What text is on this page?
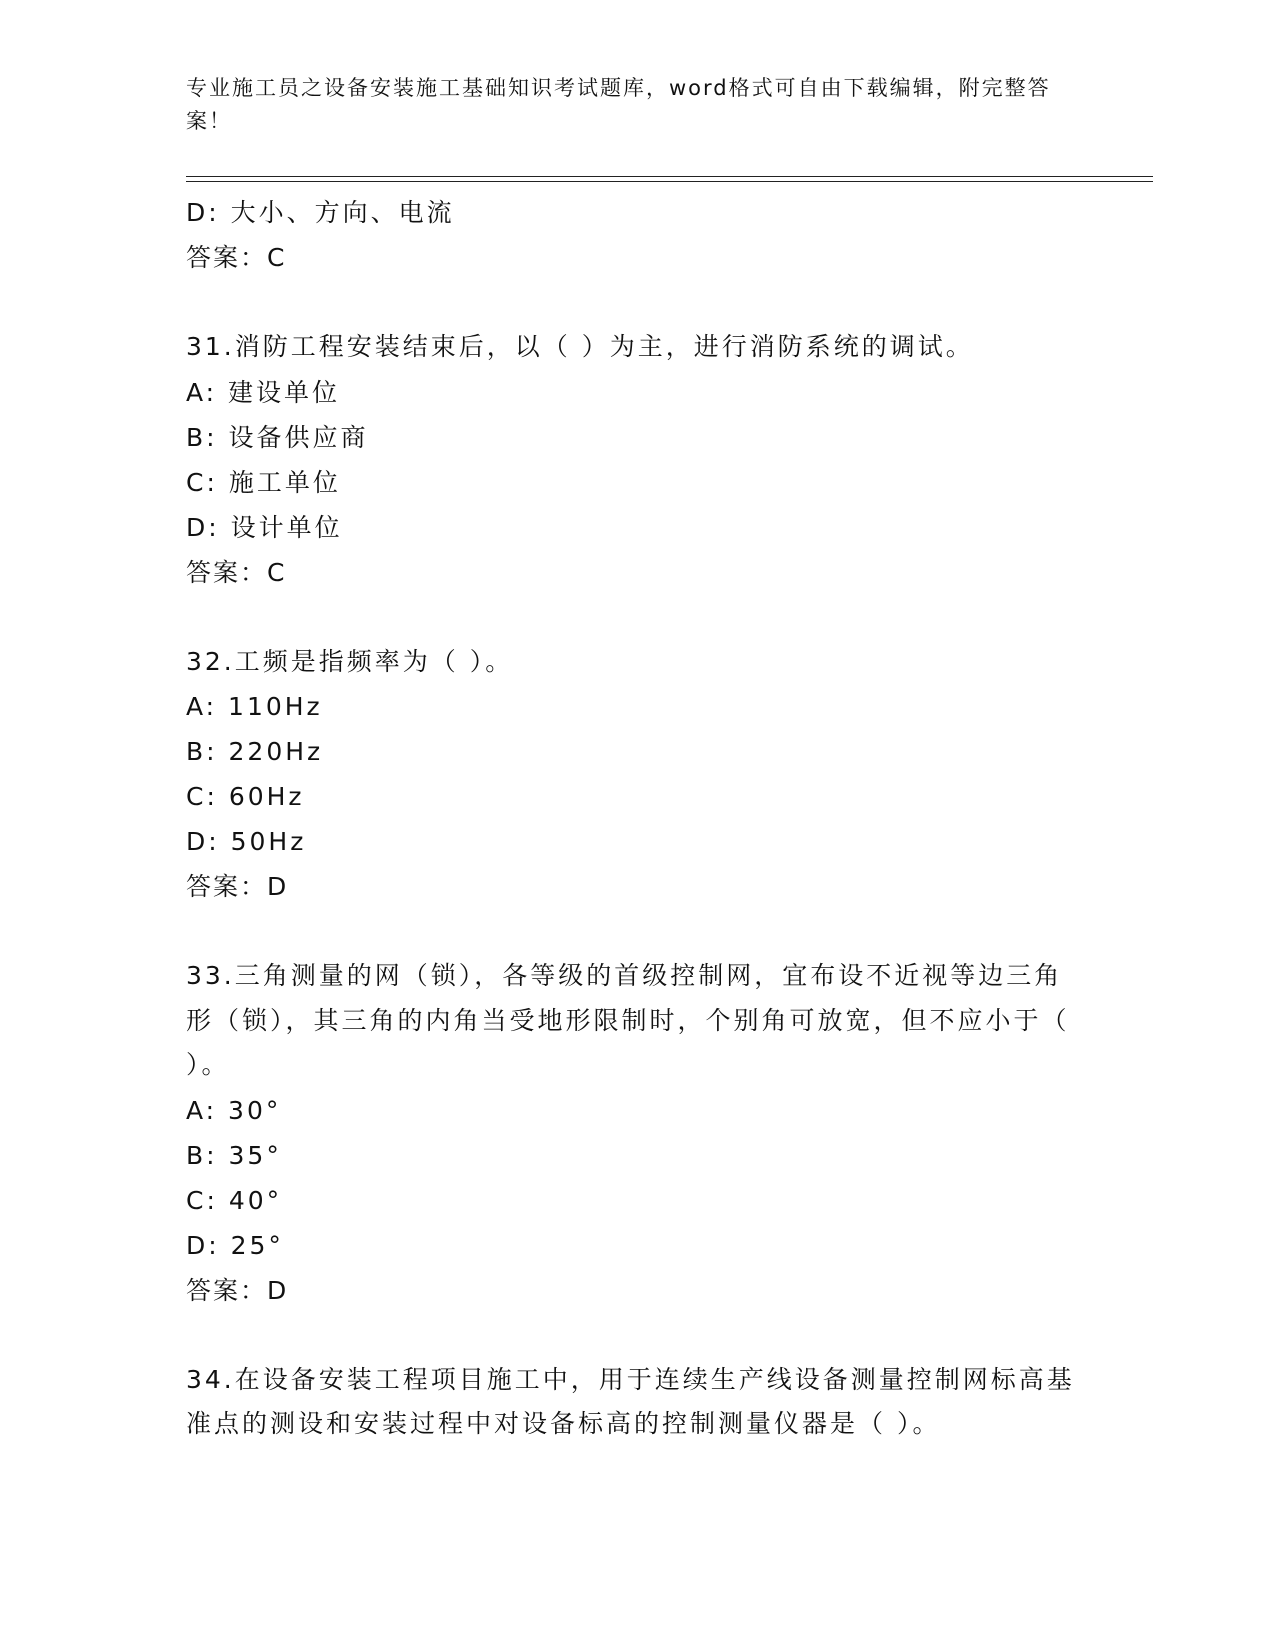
专业施工员之设备安装施工基础知识考试题库，word格式可自由下载编辑，附完整答案！
D: 大小、方向、电流
答案：C
31.消防工程安装结束后，以（ ）为主，进行消防系统的调试。
A: 建设单位
B: 设备供应商
C: 施工单位
D: 设计单位
答案：C
32.工频是指频率为（ ）。
A: 110Hz
B: 220Hz
C: 60Hz
D: 50Hz
答案：D
33.三角测量的网（锁），各等级的首级控制网，宜布设不近视等边三角形（锁），其三角的内角当受地形限制时，个别角可放宽，但不应小于（ ）。
A: 30°
B: 35°
C: 40°
D: 25°
答案：D
34.在设备安装工程项目施工中，用于连续生产线设备测量控制网标高基准点的测设和安装过程中对设备标高的控制测量仪器是（ ）。
